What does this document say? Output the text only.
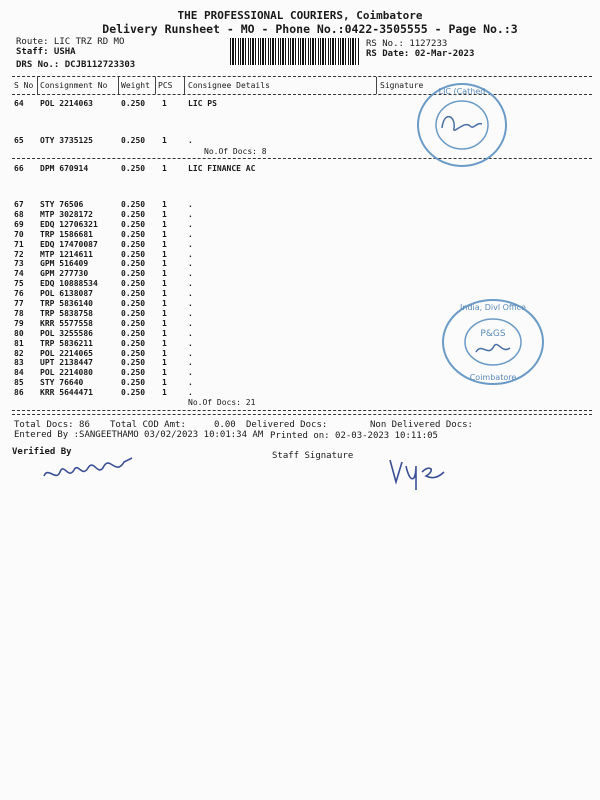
THE PROFESSIONAL COURIERS, Coimbatore
Delivery Runsheet - MO - Phone No.:0422-3505555 - Page No.:3
Route: LIC TRZ RD MO
Staff: USHA
DRS No.: DCJB112723303
RS No.: 1127233
RS Date: 02-Mar-2023
S No Consignment No Weight PCS Consignee Details	Signature
64 POL 2214063	0.250 1	LIC PS
65 OTY 3735125	0.250 1	.
No.Of Docs: 8
66 DPM 670914	0.250 1	LIC FINANCE AC
67 STY 76506	0.250 1	.
68 MTP 3028172	0.250 1	.
69 EDQ 12706321	0.250 1	.
70 TRP 1586681	0.250 1	.
71 EDQ 17470087	0.250 1	.
72 MTP 1214611	0.250 1	.
73 GPM 516409	0.250 1	.
74 GPM 277730	0.250 1	.
75 EDQ 10888534	0.250 1	.
76 POL 6138087	0.250 1	.
77 TRP 5836140	0.250 1	.
78 TRP 5838758	0.250 1	.
79 KRR 5577558	0.250 1	.
80 POL 3255586	0.250 1	.
81 TRP 5836211	0.250 1	.
82 POL 2214065	0.250 1	.
83 UPT 2138447	0.250 1	.
84 POL 2214080	0.250 1	.
85 STY 76640	0.250 1	.
86 KRR 5644471	0.250 1	.
No.Of Docs: 21
Total Docs: 86 Total COD Amt:	0.00 Delivered Docs:	Non Delivered Docs:
Entered By :SANGEETHAMO 03/02/2023 10:01:34 AM Printed on: 02-03-2023 10:11:05
Verified By	Staff Signature
LIC (Cathed
India, Divl Office
P&GS
Coimbatore
